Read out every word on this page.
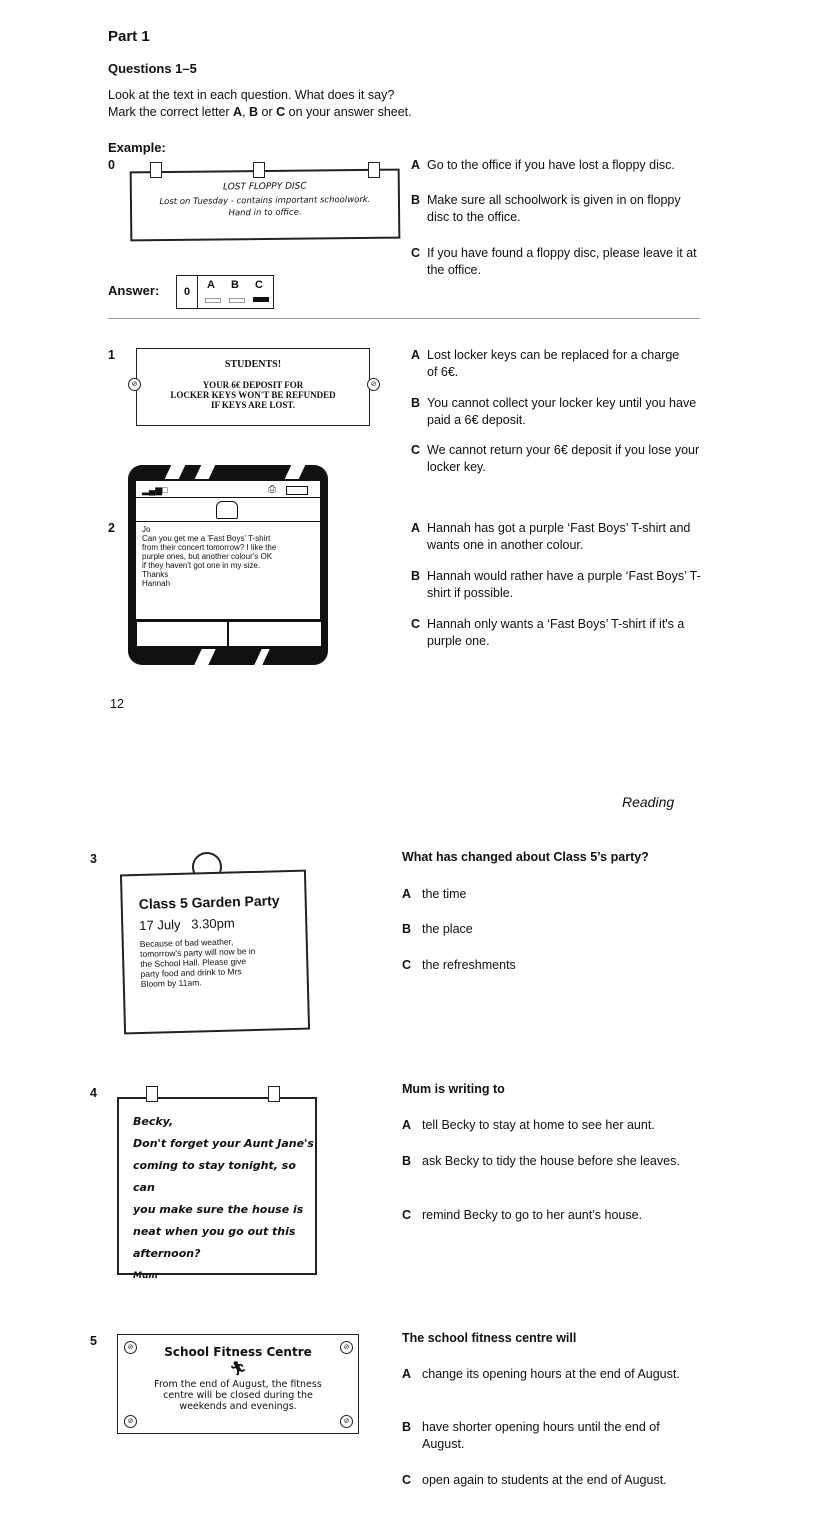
Part 1
Questions 1–5
Look at the text in each question. What does it say?
Mark the correct letter A, B or C on your answer sheet.
Example:
0
LOST FLOPPY DISC
Lost on Tuesday - contains important schoolwork.
Hand in to office.
A Go to the office if you have lost a floppy disc.
B Make sure all schoolwork is given in on floppy disc to the office.
C If you have found a floppy disc, please leave it at the office.
Answer:	0
A B C
1
STUDENTS!
YOUR 6€ DEPOSIT FOR
LOCKER KEYS WON'T BE REFUNDED
IF KEYS ARE LOST.
⊘	⊘
A Lost locker keys can be replaced for a charge of 6€.
B You cannot collect your locker key until you have paid a 6€ deposit.
C We cannot return your 6€ deposit if you lose your locker key.
2
▂▄▆□	⎙
Jo
Can you get me a 'Fast Boys' T-shirt
from their concert tomorrow? I like the
purple ones, but another colour's OK
if they haven't got one in my size.
Thanks
Hannah
A Hannah has got a purple ‘Fast Boys’ T-shirt and wants one in another colour.
B Hannah would rather have a purple ‘Fast Boys’ T-shirt if possible.
C Hannah only wants a ‘Fast Boys’ T-shirt if it's a purple one.
12
Reading
3
Class 5 Garden Party
17 July 3.30pm
Because of bad weather,
tomorrow's party will now be in
the School Hall. Please give
party food and drink to Mrs
Bloom by 11am.
What has changed about Class 5’s party?
A the time
B the place
C the refreshments
4
Becky,
Don't forget your Aunt Jane's
coming to stay tonight, so can
you make sure the house is
neat when you go out this
afternoon?
Mum
Mum is writing to
A tell Becky to stay at home to see her aunt.
B ask Becky to tidy the house before she leaves.
C remind Becky to go to her aunt’s house.
5
School Fitness Centre
🏃︎
From the end of August, the fitness
centre will be closed during the
weekends and evenings.
⊘	⊘
⊘	⊘
The school fitness centre will
A change its opening hours at the end of August.
B have shorter opening hours until the end of August.
C open again to students at the end of August.
